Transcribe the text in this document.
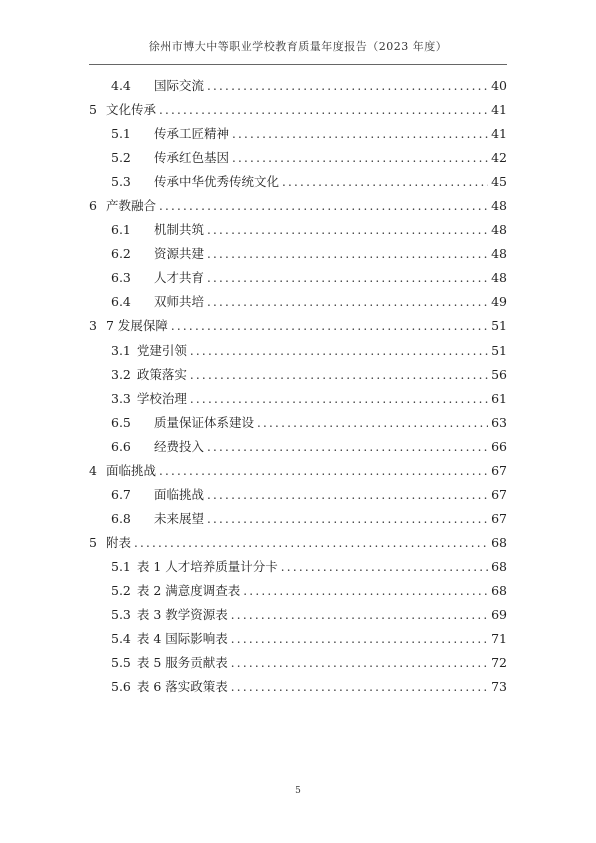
徐州市博大中等职业学校教育质量年度报告（2023 年度）
4.4	国际交流 .....	40
5 文化传承 .....	41
5.1	传承工匠精神 .....	41
5.2	传承红色基因 .....	42
5.3	传承中华优秀传统文化 .....	45
6 产教融合 .....	48
6.1	机制共筑 .....	48
6.2	资源共建 .....	48
6.3	人才共育 .....	48
6.4	双师共培 .....	49
3 7 发展保障 .....	51
3.1 党建引领 .....	51
3.2 政策落实 .....	56
3.3 学校治理 .....	61
6.5	质量保证体系建设 .....	63
6.6	经费投入 .....	66
4 面临挑战 .....	67
6.7	面临挑战 .....	67
6.8	未来展望 .....	67
5 附表 .....	68
5.1 表 1 人才培养质量计分卡 .....	68
5.2 表 2 满意度调查表 .....	68
5.3 表 3 教学资源表 .....	69
5.4 表 4 国际影响表 .....	71
5.5 表 5 服务贡献表 .....	72
5.6 表 6 落实政策表 .....	73
5
